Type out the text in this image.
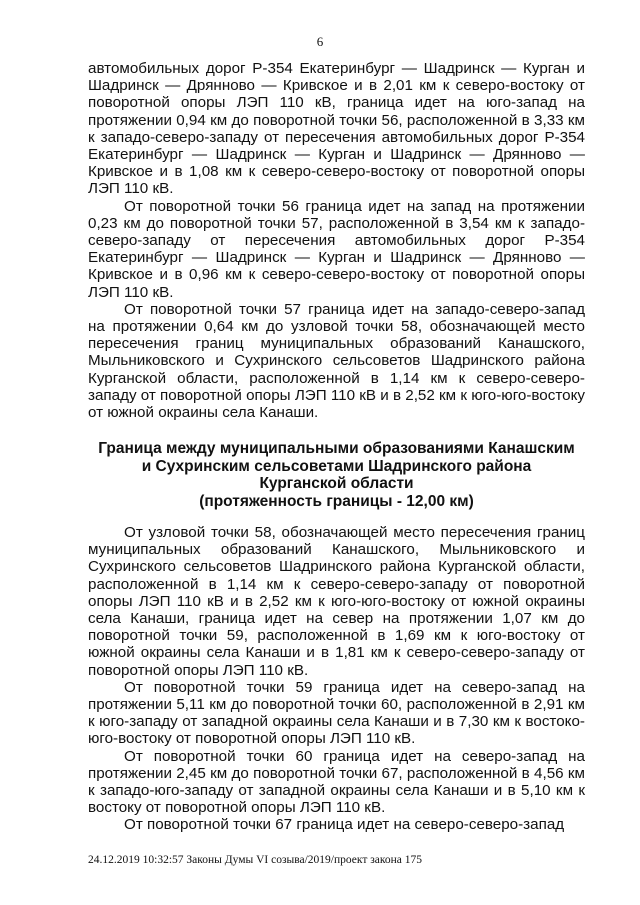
6

автомобильных дорог Р-354 Екатеринбург — Шадринск — Курган и Шадринск — Дрянново — Кривское и в 2,01 км к северо-востоку от поворотной опоры ЛЭП 110 кВ, граница идет на юго-запад на протяжении 0,94 км до поворотной точки 56, расположенной в 3,33 км к западо-северо-западу от пересечения автомобильных дорог Р-354 Екатеринбург — Шадринск — Курган и Шадринск — Дрянново — Кривское и в 1,08 км к северо-северо-востоку от поворотной опоры ЛЭП 110 кВ.

От поворотной точки 56 граница идет на запад на протяжении 0,23 км до поворотной точки 57, расположенной в 3,54 км к западо-северо-западу от пересечения автомобильных дорог Р-354 Екатеринбург — Шадринск — Курган и Шадринск — Дрянново — Кривское и в 0,96 км к северо-северо-востоку от поворотной опоры ЛЭП 110 кВ.

От поворотной точки 57 граница идет на западо-северо-запад на протяжении 0,64 км до узловой точки 58, обозначающей место пересечения границ муниципальных образований Канашского, Мыльниковского и Сухринского сельсоветов Шадринского района Курганской области, расположенной в 1,14 км к северо-северо-западу от поворотной опоры ЛЭП 110 кВ и в 2,52 км к юго-юго-востоку от южной окраины села Канаши.

Граница между муниципальными образованиями Канашским
и Сухринским сельсоветами Шадринского района
Курганской области
(протяженность границы - 12,00 км)

От узловой точки 58, обозначающей место пересечения границ муниципальных образований Канашского, Мыльниковского и Сухринского сельсоветов Шадринского района Курганской области, расположенной в 1,14 км к северо-северо-западу от поворотной опоры ЛЭП 110 кВ и в 2,52 км к юго-юго-востоку от южной окраины села Канаши, граница идет на север на протяжении 1,07 км до поворотной точки 59, расположенной в 1,69 км к юго-востоку от южной окраины села Канаши и в 1,81 км к северо-северо-западу от поворотной опоры ЛЭП 110 кВ.

От поворотной точки 59 граница идет на северо-запад на протяжении 5,11 км до поворотной точки 60, расположенной в 2,91 км к юго-западу от западной окраины села Канаши и в 7,30 км к востоко-юго-востоку от поворотной опоры ЛЭП 110 кВ.

От поворотной точки 60 граница идет на северо-запад на протяжении 2,45 км до поворотной точки 67, расположенной в 4,56 км к западо-юго-западу от западной окраины села Канаши и в 5,10 км к востоку от поворотной опоры ЛЭП 110 кВ.

От поворотной точки 67 граница идет на северо-северо-запад

24.12.2019 10:32:57 Законы Думы VI созыва/2019/проект закона 175
